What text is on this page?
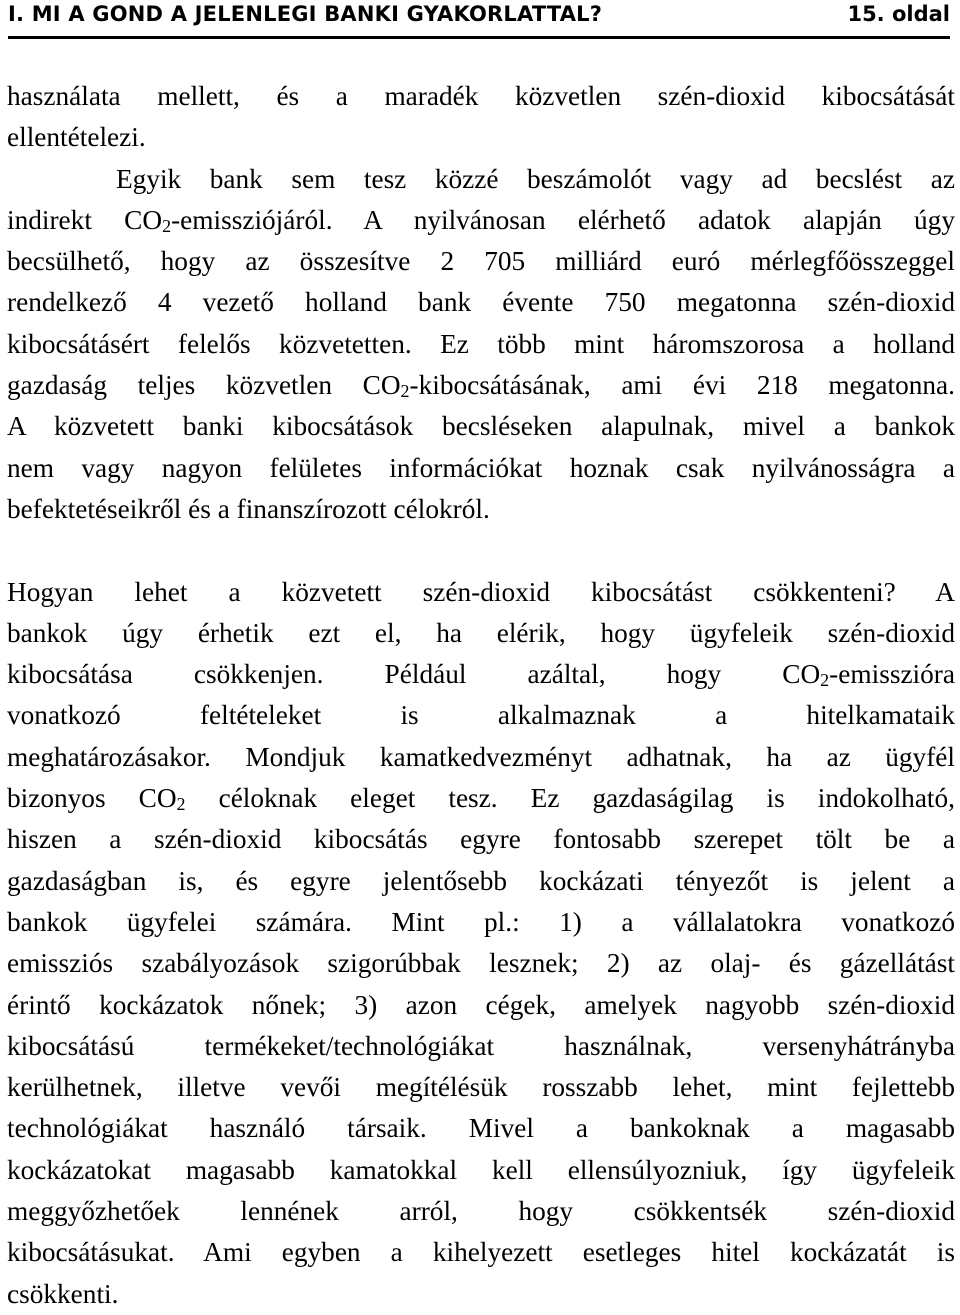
I. MI A GOND A JELENLEGI BANKI GYAKORLATTAL?	15. oldal
használata mellett, és a maradék közvetlen szén-dioxid kibocsátását
ellentételezi.
Egyik bank sem tesz közzé beszámolót vagy ad becslést az
indirekt $CO_2$-emissziójáról. A nyilvánosan elérhető adatok alapján úgy
becsülhető, hogy az összesítve 2 705 milliárd euró mérlegfőösszeggel
rendelkező 4 vezető holland bank évente 750 megatonna szén-dioxid
kibocsátásért felelős közvetetten. Ez több mint háromszorosa a holland
gazdaság teljes közvetlen $CO_2$-kibocsátásának, ami évi 218 megatonna.
A közvetett banki kibocsátások becsléseken alapulnak, mivel a bankok
nem vagy nagyon felületes információkat hoznak csak nyilvánosságra a
befektetéseikről és a finanszírozott célokról.
Hogyan lehet a közvetett szén-dioxid kibocsátást csökkenteni? A
bankok úgy érhetik ezt el, ha elérik, hogy ügyfeleik szén-dioxid
kibocsátása csökkenjen. Például azáltal, hogy $CO_2$-emisszióra
vonatkozó feltételeket is alkalmaznak a hitelkamataik
meghatározásakor. Mondjuk kamatkedvezményt adhatnak, ha az ügyfél
bizonyos $CO_2$ céloknak eleget tesz. Ez gazdaságilag is indokolható,
hiszen a szén-dioxid kibocsátás egyre fontosabb szerepet tölt be a
gazdaságban is, és egyre jelentősebb kockázati tényezőt is jelent a
bankok ügyfelei számára. Mint pl.: 1) a vállalatokra vonatkozó
emissziós szabályozások szigorúbbak lesznek; 2) az olaj- és gázellátást
érintő kockázatok nőnek; 3) azon cégek, amelyek nagyobb szén-dioxid
kibocsátású termékeket/technológiákat használnak, versenyhátrányba
kerülhetnek, illetve vevői megítélésük rosszabb lehet, mint fejlettebb
technológiákat használó társaik. Mivel a bankoknak a magasabb
kockázatokat magasabb kamatokkal kell ellensúlyozniuk, így ügyfeleik
meggyőzhetőek lennének arról, hogy csökkentsék szén-dioxid
kibocsátásukat. Ami egyben a kihelyezett esetleges hitel kockázatát is
csökkenti.
